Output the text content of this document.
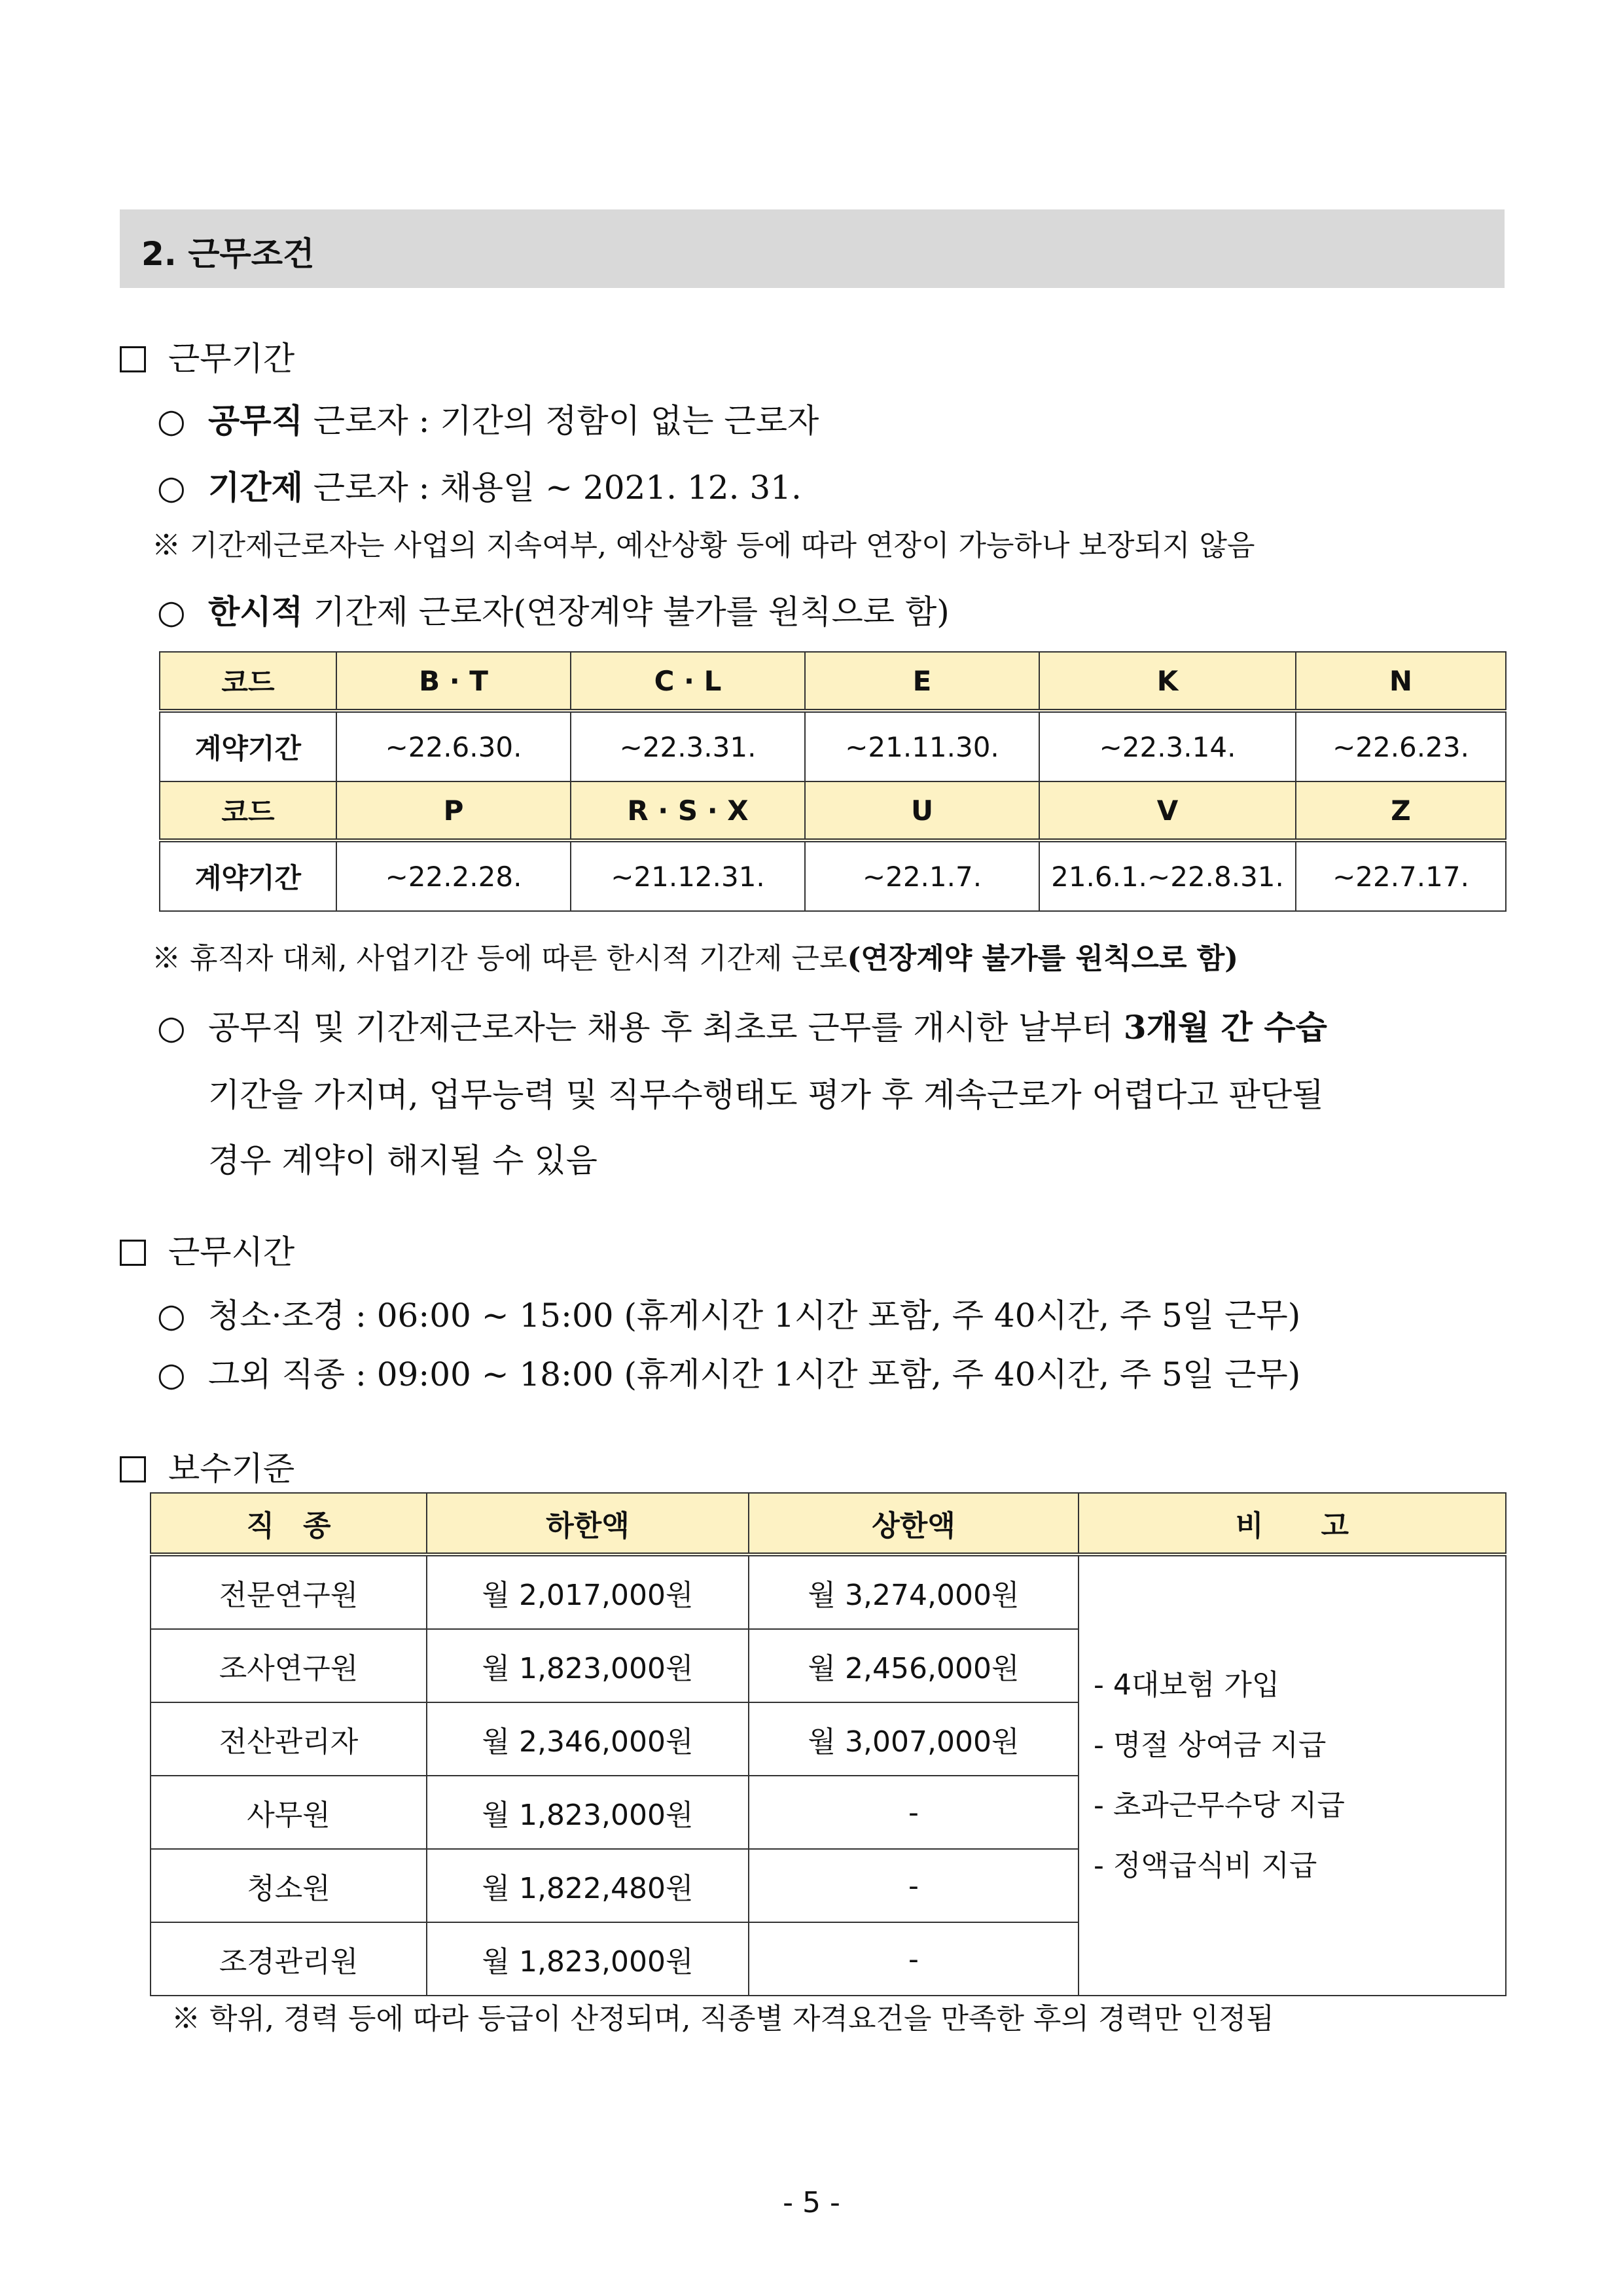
2. 근무조건
근무기간
○ 공무직 근로자 : 기간의 정함이 없는 근로자
○ 기간제 근로자 : 채용일 ~ 2021. 12. 31.
※ 기간제근로자는 사업의 지속여부, 예산상황 등에 따라 연장이 가능하나 보장되지 않음
○ 한시적 기간제 근로자(연장계약 불가를 원칙으로 함)
코드	B · T	C · L	E	K	N
계약기간	~22.6.30.	~22.3.31.	~21.11.30.	~22.3.14.	~22.6.23.
코드	P	R · S · X	U	V	Z
계약기간	~22.2.28.	~21.12.31.	~22.1.7.	21.6.1.~22.8.31.	~22.7.17.
※ 휴직자 대체, 사업기간 등에 따른 한시적 기간제 근로(연장계약 불가를 원칙으로 함)
○ 공무직 및 기간제근로자는 채용 후 최초로 근무를 개시한 날부터 3개월 간 수습
기간을 가지며, 업무능력 및 직무수행태도 평가 후 계속근로가 어렵다고 판단될
경우 계약이 해지될 수 있음
근무시간
○ 청소·조경 : 06:00 ~ 15:00 (휴게시간 1시간 포함, 주 40시간, 주 5일 근무)
○ 그외 직종 : 09:00 ~ 18:00 (휴게시간 1시간 포함, 주 40시간, 주 5일 근무)
보수기준
직　종	하한액	상한액	비　　고
전문연구원	월 2,017,000원	월 3,274,000원	- 4대보험 가입
- 명절 상여금 지급
- 초과근무수당 지급
- 정액급식비 지급

조사연구원	월 1,823,000원	월 2,456,000원	
전산관리자	월 2,346,000원	월 3,007,000원	
사무원	월 1,823,000원	-	
청소원	월 1,822,480원	-	
조경관리원	월 1,823,000원	-	
※ 학위, 경력 등에 따라 등급이 산정되며, 직종별 자격요건을 만족한 후의 경력만 인정됨
- 5 -
